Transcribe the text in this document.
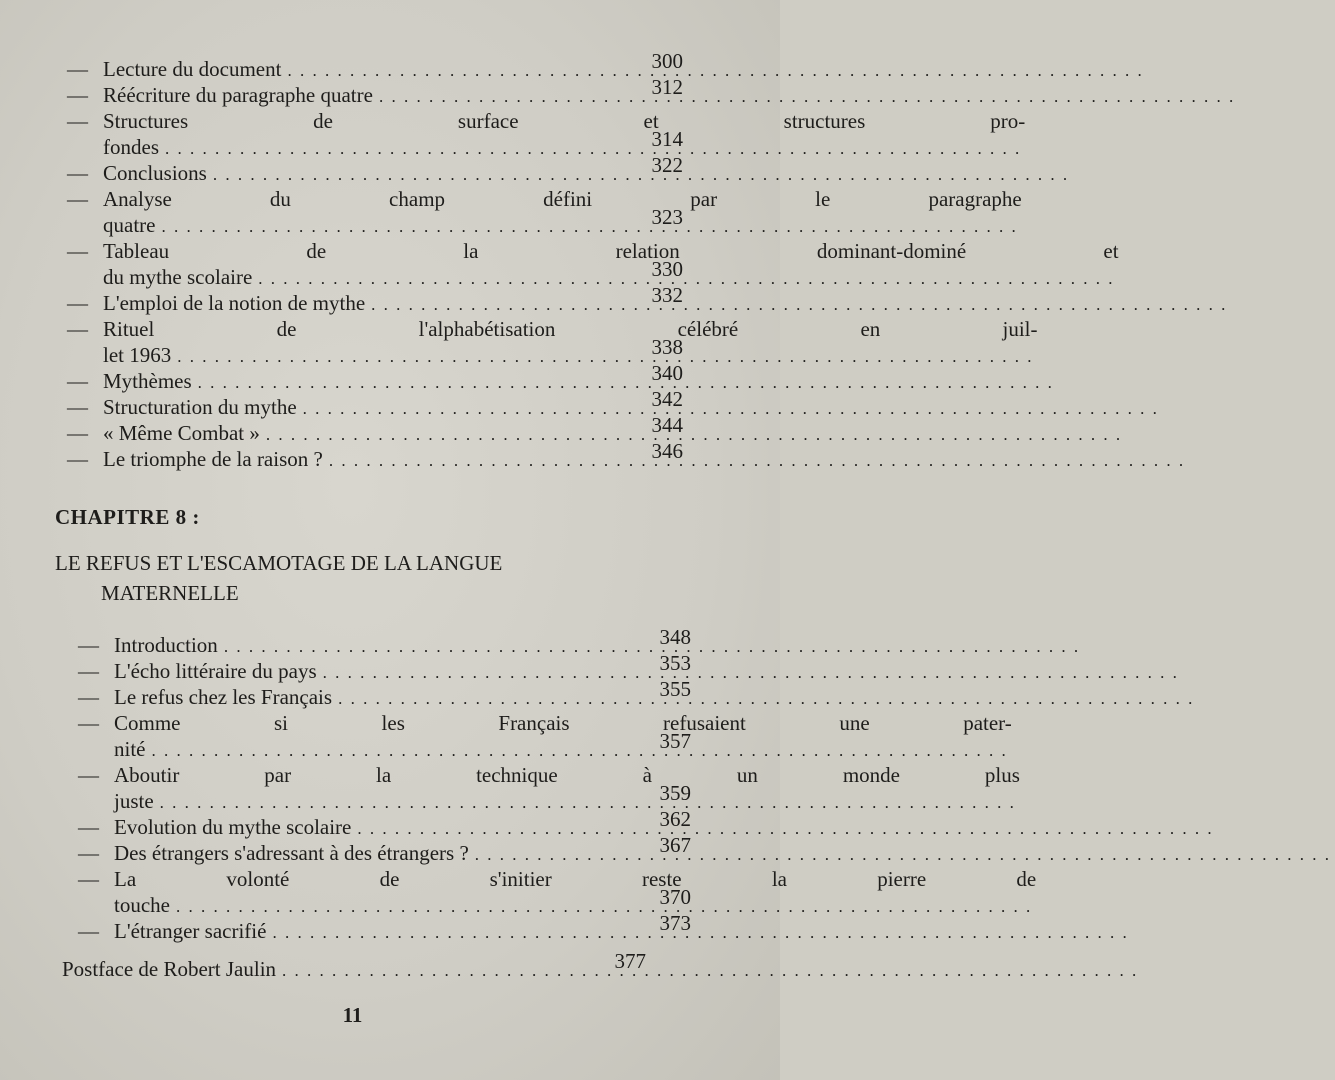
— Lecture du document . . .	300
— Réécriture du paragraphe quatre . . .	312
— Structures de surface et structures pro-
fondes . . .	314
— Conclusions . . .	322
— Analyse du champ défini par le paragraphe
quatre . . .	323
— Tableau de la relation dominant-dominé et
du mythe scolaire . . .	330
— L'emploi de la notion de mythe . . .	332
— Rituel de l'alphabétisation célébré en juil-
let 1963 . . .	338
— Mythèmes . . .	340
— Structuration du mythe . . .	342
— « Même Combat » . . .	344
— Le triomphe de la raison ? . . .	346
— Introduction . . .	348
— L'écho littéraire du pays . . .	353
— Le refus chez les Français . . .	355
— Comme si les Français refusaient une pater-
nité . . .	357
— Aboutir par la technique à un monde plus
juste . . .	359
— Evolution du mythe scolaire . . .	362
— Des étrangers s'adressant à des étrangers ? . . .	367
— La volonté de s'initier reste la pierre de
touche . . .	370
— L'étranger sacrifié . . .	373
Postface de Robert Jaulin . . .	377
CHAPITRE 8 :
LE REFUS ET L'ESCAMOTAGE DE LA LANGUE
MATERNELLE
11
